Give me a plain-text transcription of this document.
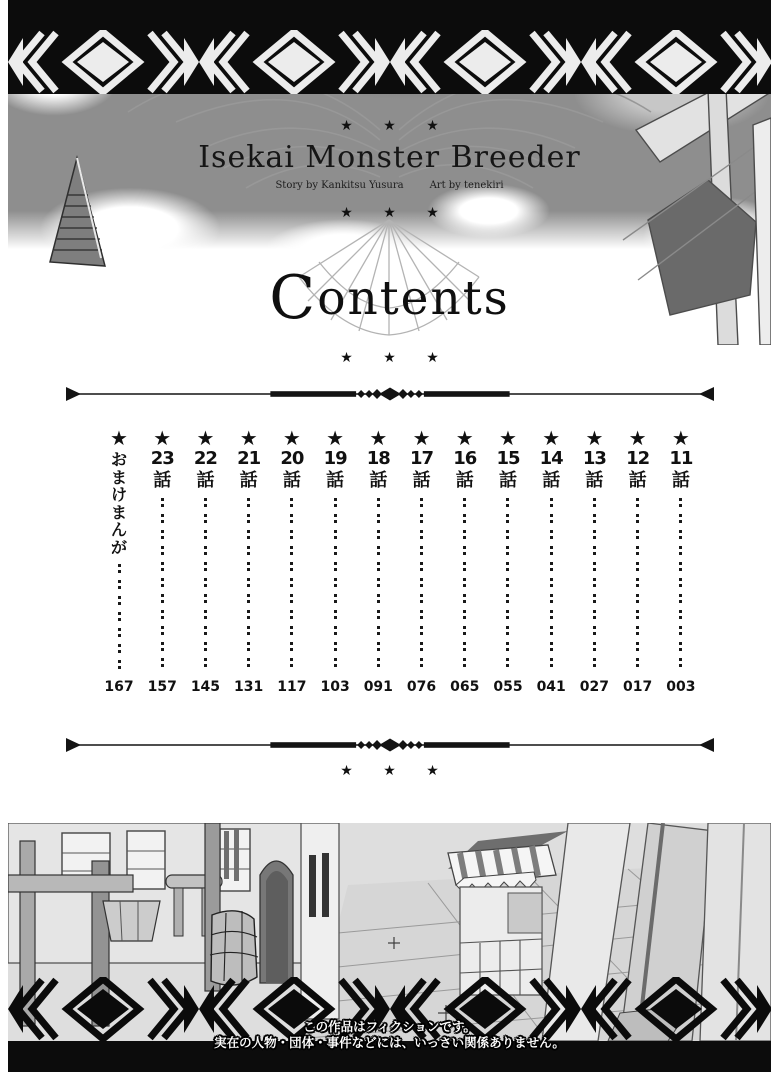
★ ★ ★
Isekai Monster Breeder
Story by Kankitsu Yusura	Art by tenekiri
★ ★ ★
Contents
★ ★ ★
★
おまけまんが
167
★
23
話
157
★
22
話
145
★
21
話
131
★
20
話
117
★
19
話
103
★
18
話
091
★
17
話
076
★
16
話
065
★
15
話
055
★
14
話
041
★
13
話
027
★
12
話
017
★
11
話
003
★ ★ ★
この作品はフィクションです。
実在の人物・団体・事件などには、いっさい関係ありません。
